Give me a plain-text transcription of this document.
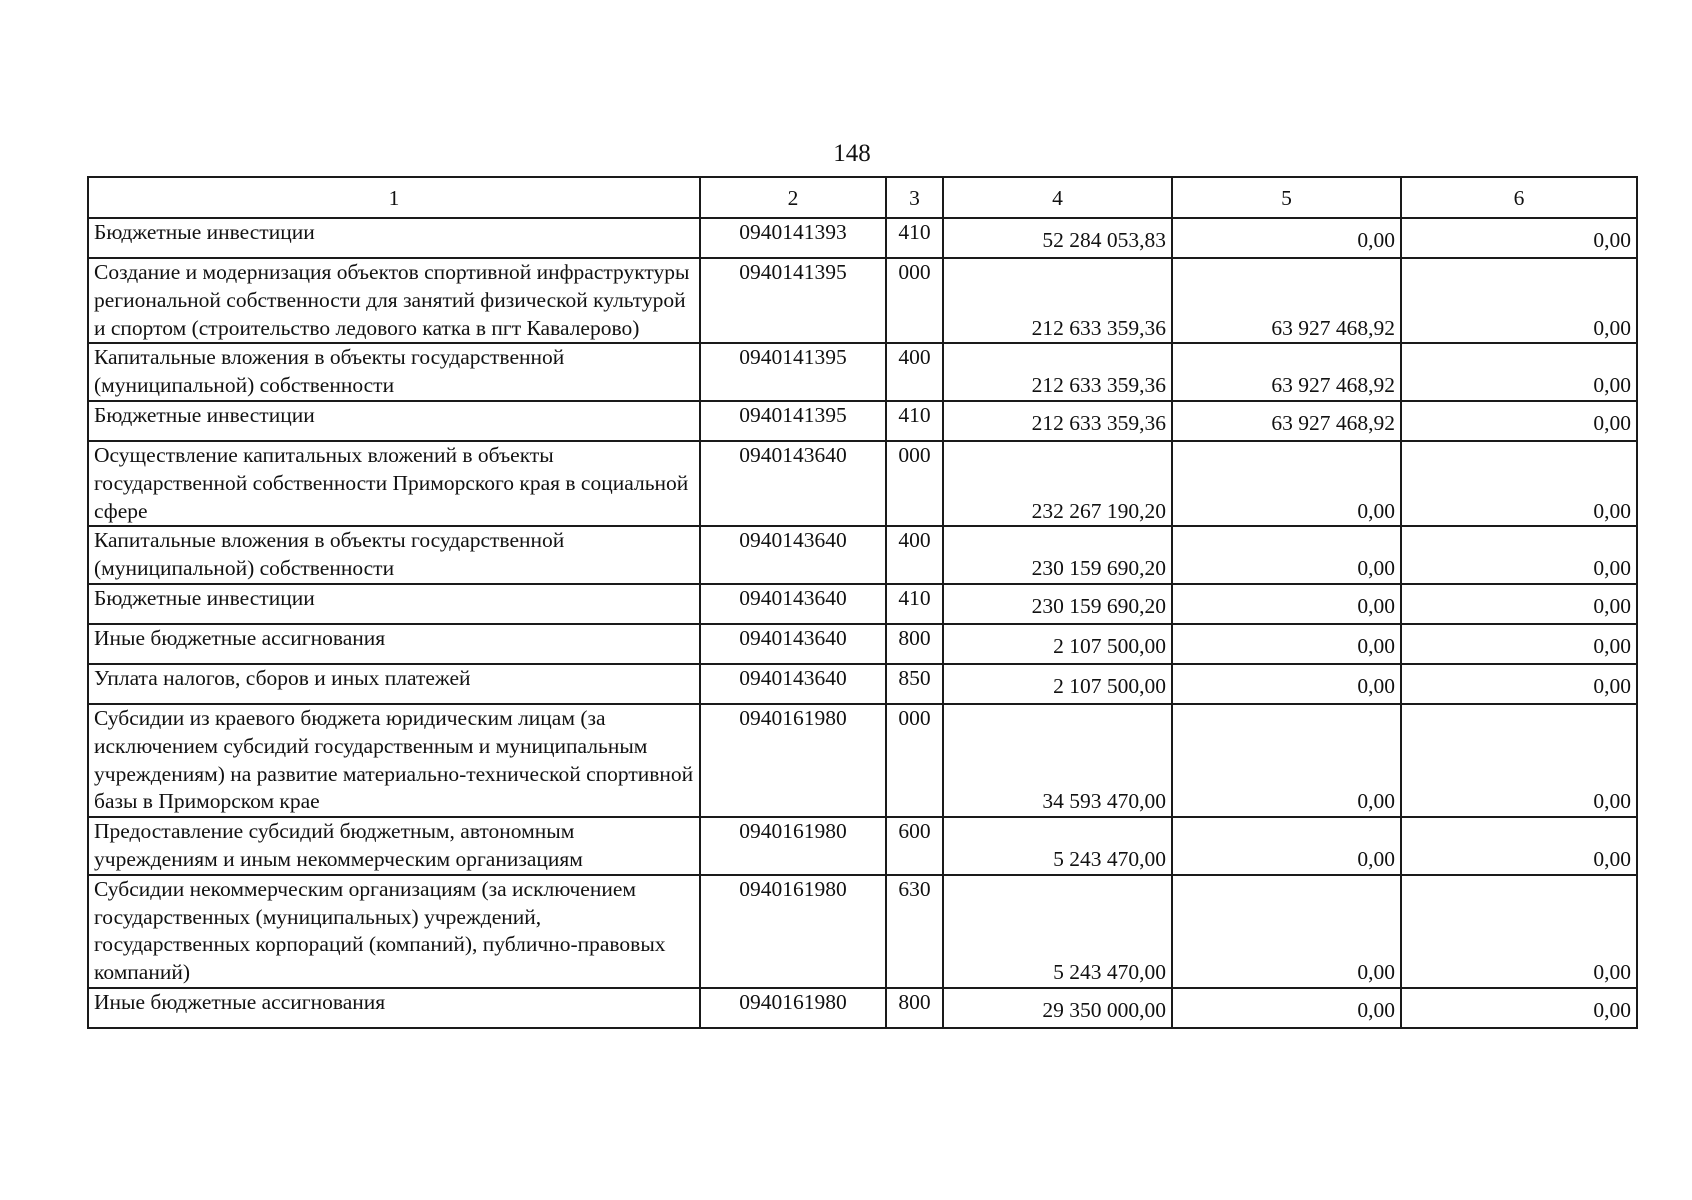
148
1	2	3	4	5	6
Бюджетные инвестиции	0940141393	410	52 284 053,83	0,00	0,00
Создание и модернизация объектов спортивной инфраструктуры региональной собственности для занятий физической культурой и спортом (строительство ледового катка в пгт Кавалерово)	0940141395	000	212 633 359,36	63 927 468,92	0,00
Капитальные вложения в объекты государственной (муниципальной) собственности	0940141395	400	212 633 359,36	63 927 468,92	0,00
Бюджетные инвестиции	0940141395	410	212 633 359,36	63 927 468,92	0,00
Осуществление капитальных вложений в объекты государственной собственности Приморского края в социальной сфере	0940143640	000	232 267 190,20	0,00	0,00
Капитальные вложения в объекты государственной (муниципальной) собственности	0940143640	400	230 159 690,20	0,00	0,00
Бюджетные инвестиции	0940143640	410	230 159 690,20	0,00	0,00
Иные бюджетные ассигнования	0940143640	800	2 107 500,00	0,00	0,00
Уплата налогов, сборов и иных платежей	0940143640	850	2 107 500,00	0,00	0,00
Субсидии из краевого бюджета юридическим лицам (за исключением субсидий государственным и муниципальным учреждениям) на развитие материально-технической спортивной базы в Приморском крае	0940161980	000	34 593 470,00	0,00	0,00
Предоставление субсидий бюджетным, автономным учреждениям и иным некоммерческим организациям	0940161980	600	5 243 470,00	0,00	0,00
Субсидии некоммерческим организациям (за исключением государственных (муниципальных) учреждений, государственных корпораций (компаний), публично-правовых компаний)	0940161980	630	5 243 470,00	0,00	0,00
Иные бюджетные ассигнования	0940161980	800	29 350 000,00	0,00	0,00
